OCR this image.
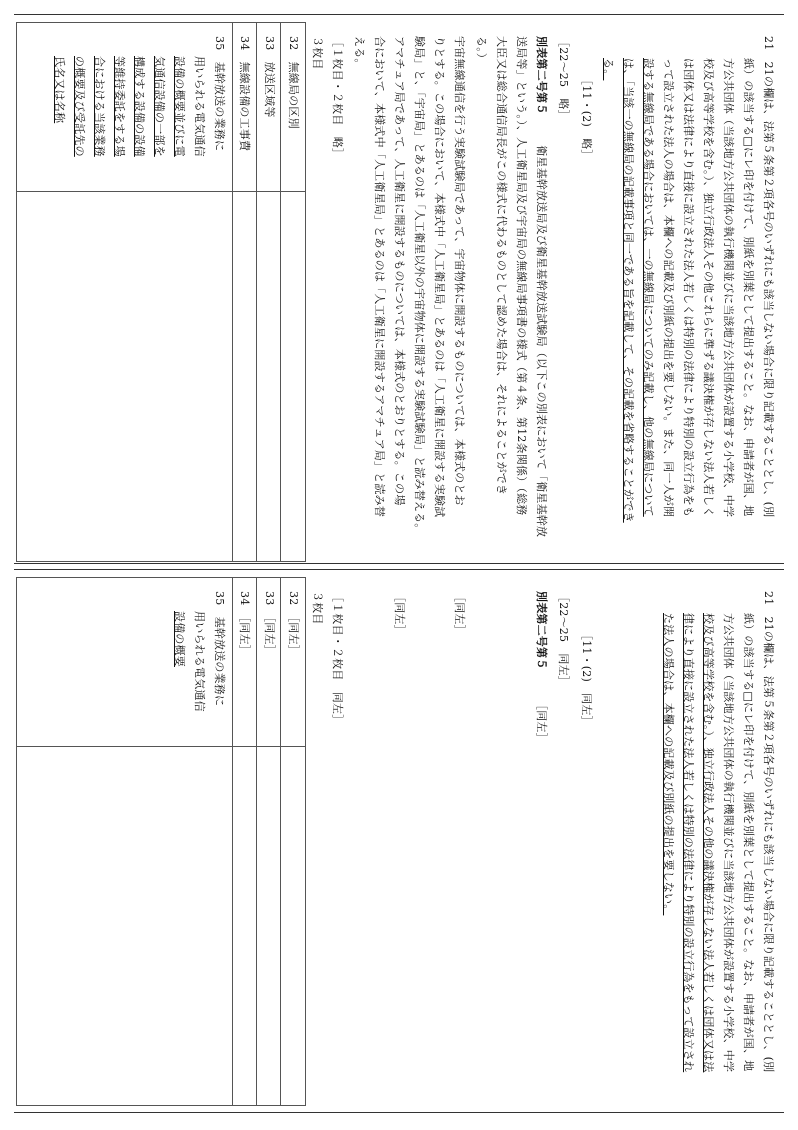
21　21の欄は、法第５条第２項各号のいずれにも該当しない場合に限り記載することとし、(別
紙）の該当する□にレ印を付けて、別紙を別葉として提出すること。なお、申請者が国、地
方公共団体（当該地方公共団体の執行機関並びに当該地方公共団体が設置する小学校、中学
校及び高等学校を含む。）、独立行政法人その他これらに準ずる議決権が存しない法人若しく
は団体又は法律により直接に設立された法人若しくは特別の法律により特別の設立行為をも
って設立された法人の場合は、本欄への記載及び別紙の提出を要しない。また、同一人が開
設する無線局である場合においては、一の無線局についてのみ記載し、他の無線局について
は、「当該一の無線局の記載事項と同一である旨を記載して、その記載を省略することができ
る。
［11・(2)　略］
［22～25　略］
別表第二号第５
　衛星基幹放送局及び衛星基幹放送試験局（以下この別表において「衛星基幹放
送局等」という。）、人工衛星局及び宇宙局の無線局事項書の様式（第４条、第12条関係）（総務
大臣又は総合通信局長がこの様式に代わるものとして認めた場合は、それによることができ
る。）
宇宙無線通信を行う実験試験局であって、宇宙物体に開設するものについては、本様式のとお
りとする。この場合において、本様式中「人工衛星局」とあるのは「人工衛星に開設する実験試
験局」と、「宇宙局」とあるのは「人工衛星以外の宇宙物体に開設する実験試験局」と読み替える。
アマチュア局であって、人工衛星に開設するものについては、本様式のとおりとする。この場
合において、本様式中「人工衛星局」とあるのは「人工衛星に開設するアマチュア局」と読み替
える。
［１枚目・２枚目　略］
３枚目
32　無線局の区別
33　放送区域等
34　無線設備の工事費
35　基幹放送の業務に
用いられる電気通信
設備の概要並びに電
気通信設備の一部を
構成する設備の設備
等維持委託をする場
合における当該業務
の概要及び受託先の
氏名又は名称
21　21の欄は、法第５条第２項各号のいずれにも該当しない場合に限り記載することとし、(別
紙）の該当する□にレ印を付けて、別紙を別葉として提出すること。なお、申請者が国、地
方公共団体（当該地方公共団体の執行機関並びに当該地方公共団体が設置する小学校、中学
校及び高等学校を含む。）、独立行政法人その他の議決権が存しない法人若しくは団体又は法
律により直接に設立された法人若しくは特別の法律により特別の設立行為をもって設立され
た法人の場合は、本欄への記載及び別紙の提出を要しない。
［11・(2)　同左］
［22～25　同左］
別表第二号第５
［同左］
［同左］
［同左］
［１枚目・２枚目　同左］
３枚目
32　［同左］
33　［同左］
34　［同左］
35　基幹放送の業務に
用いられる電気通信
設備の概要
